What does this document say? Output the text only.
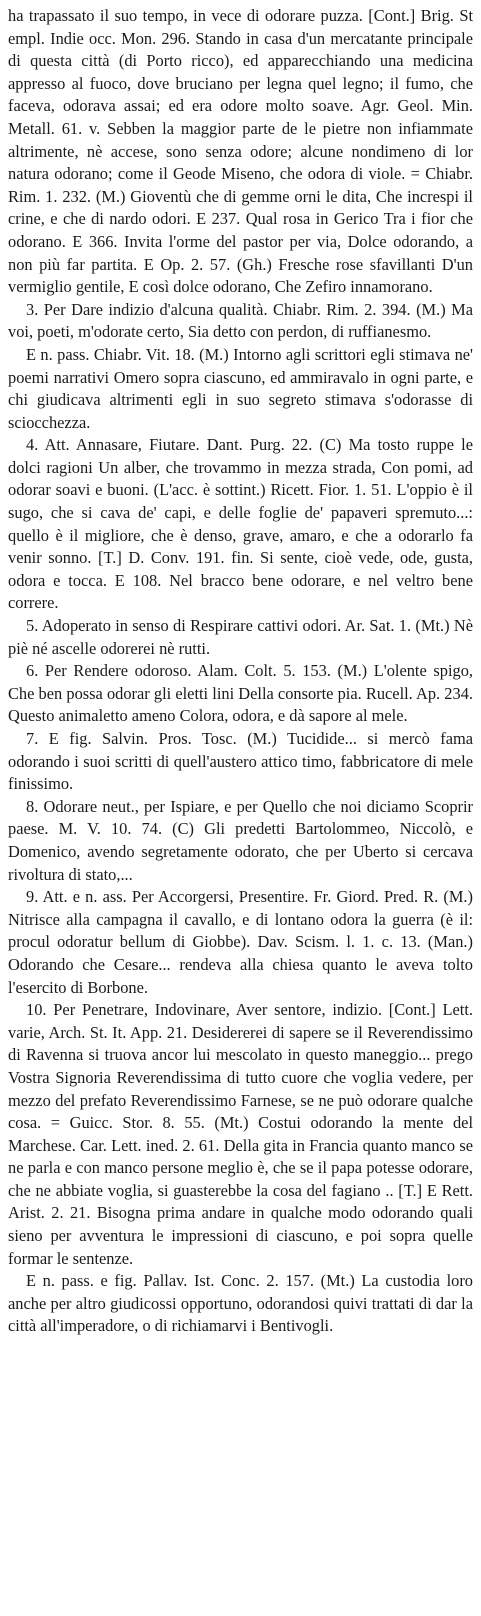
ha trapassato il suo tempo, in vece di odorare puzza. [Cont.] Brig. St empl. Indie occ. Mon. 296. Stando in casa d'un mercatante principale di questa città (di Porto ricco), ed apparecchiando una medicina appresso al fuoco, dove bruciano per legna quel legno; il fumo, che faceva, odorava assai; ed era odore molto soave. Agr. Geol. Min. Metall. 61. v. Sebben la maggior parte de le pietre non infiammate altrimente, nè accese, sono senza odore; alcune nondimeno di lor natura odorano; come il Geode Miseno, che odora di viole. = Chiabr. Rim. 1. 232. (M.) Gioventù che di gemme orni le dita, Che increspi il crine, e che di nardo odori. E 237. Qual rosa in Gerico Tra i fior che odorano. E 366. Invita l'orme del pastor per via, Dolce odorando, a non più far partita. E Op. 2. 57. (Gh.) Fresche rose sfavillanti D'un vermiglio gentile, E così dolce odorano, Che Zefiro innamorano.

3. Per Dare indizio d'alcuna qualità. Chiabr. Rim. 2. 394. (M.) Ma voi, poeti, m'odorate certo, Sia detto con perdon, di ruffianesmo.

E n. pass. Chiabr. Vit. 18. (M.) Intorno agli scrittori egli stimava ne' poemi narrativi Omero sopra ciascuno, ed ammiravalo in ogni parte, e chi giudicava altrimenti egli in suo segreto stimava s'odorasse di sciocchezza.

4. Att. Annasare, Fiutare. Dant. Purg. 22. (C) Ma tosto ruppe le dolci ragioni Un alber, che trovammo in mezza strada, Con pomi, ad odorar soavi e buoni. (L'acc. è sottint.) Ricett. Fior. 1. 51. L'oppio è il sugo, che si cava de' capi, e delle foglie de' papaveri spremuto...: quello è il migliore, che è denso, grave, amaro, e che a odorarlo fa venir sonno. [T.] D. Conv. 191. fin. Si sente, cioè vede, ode, gusta, odora e tocca. E 108. Nel bracco bene odorare, e nel veltro bene correre.

5. Adoperato in senso di Respirare cattivi odori. Ar. Sat. 1. (Mt.) Nè piè né ascelle odorerei nè rutti.

6. Per Rendere odoroso. Alam. Colt. 5. 153. (M.) L'olente spigo, Che ben possa odorar gli eletti lini Della consorte pia. Rucell. Ap. 234. Questo animaletto ameno Colora, odora, e dà sapore al mele.

7. E fig. Salvin. Pros. Tosc. (M.) Tucidide... si mercò fama odorando i suoi scritti di quell'austero attico timo, fabbricatore di mele finissimo.

8. Odorare neut., per Ispiare, e per Quello che noi diciamo Scoprir paese. M. V. 10. 74. (C) Gli predetti Bartolommeo, Niccolò, e Domenico, avendo segretamente odorato, che per Uberto si cercava rivoltura di stato,...

9. Att. e n. ass. Per Accorgersi, Presentire. Fr. Giord. Pred. R. (M.) Nitrisce alla campagna il cavallo, e di lontano odora la guerra (è il: procul odoratur bellum di Giobbe). Dav. Scism. l. 1. c. 13. (Man.) Odorando che Cesare... rendeva alla chiesa quanto le aveva tolto l'esercito di Borbone.

10. Per Penetrare, Indovinare, Aver sentore, indizio. [Cont.] Lett. varie, Arch. St. It. App. 21. Desidererei di sapere se il Reverendissimo di Ravenna si truova ancor lui mescolato in questo maneggio... prego Vostra Signoria Reverendissima di tutto cuore che voglia vedere, per mezzo del prefato Reverendissimo Farnese, se ne può odorare qualche cosa. = Guicc. Stor. 8. 55. (Mt.) Costui odorando la mente del Marchese. Car. Lett. ined. 2. 61. Della gita in Francia quanto manco se ne parla e con manco persone meglio è, che se il papa potesse odorare, che ne abbiate voglia, si guasterebbe la cosa del fagiano .. [T.] E Rett. Arist. 2. 21. Bisogna prima andare in qualche modo odorando quali sieno per avventura le impressioni di ciascuno, e poi sopra quelle formar le sentenze.

E n. pass. e fig. Pallav. Ist. Conc. 2. 157. (Mt.) La custodia loro anche per altro giudicossi opportuno, odorandosi quivi trattati di dar la città all'imperadore, o di richiamarvi i Bentivogli.
